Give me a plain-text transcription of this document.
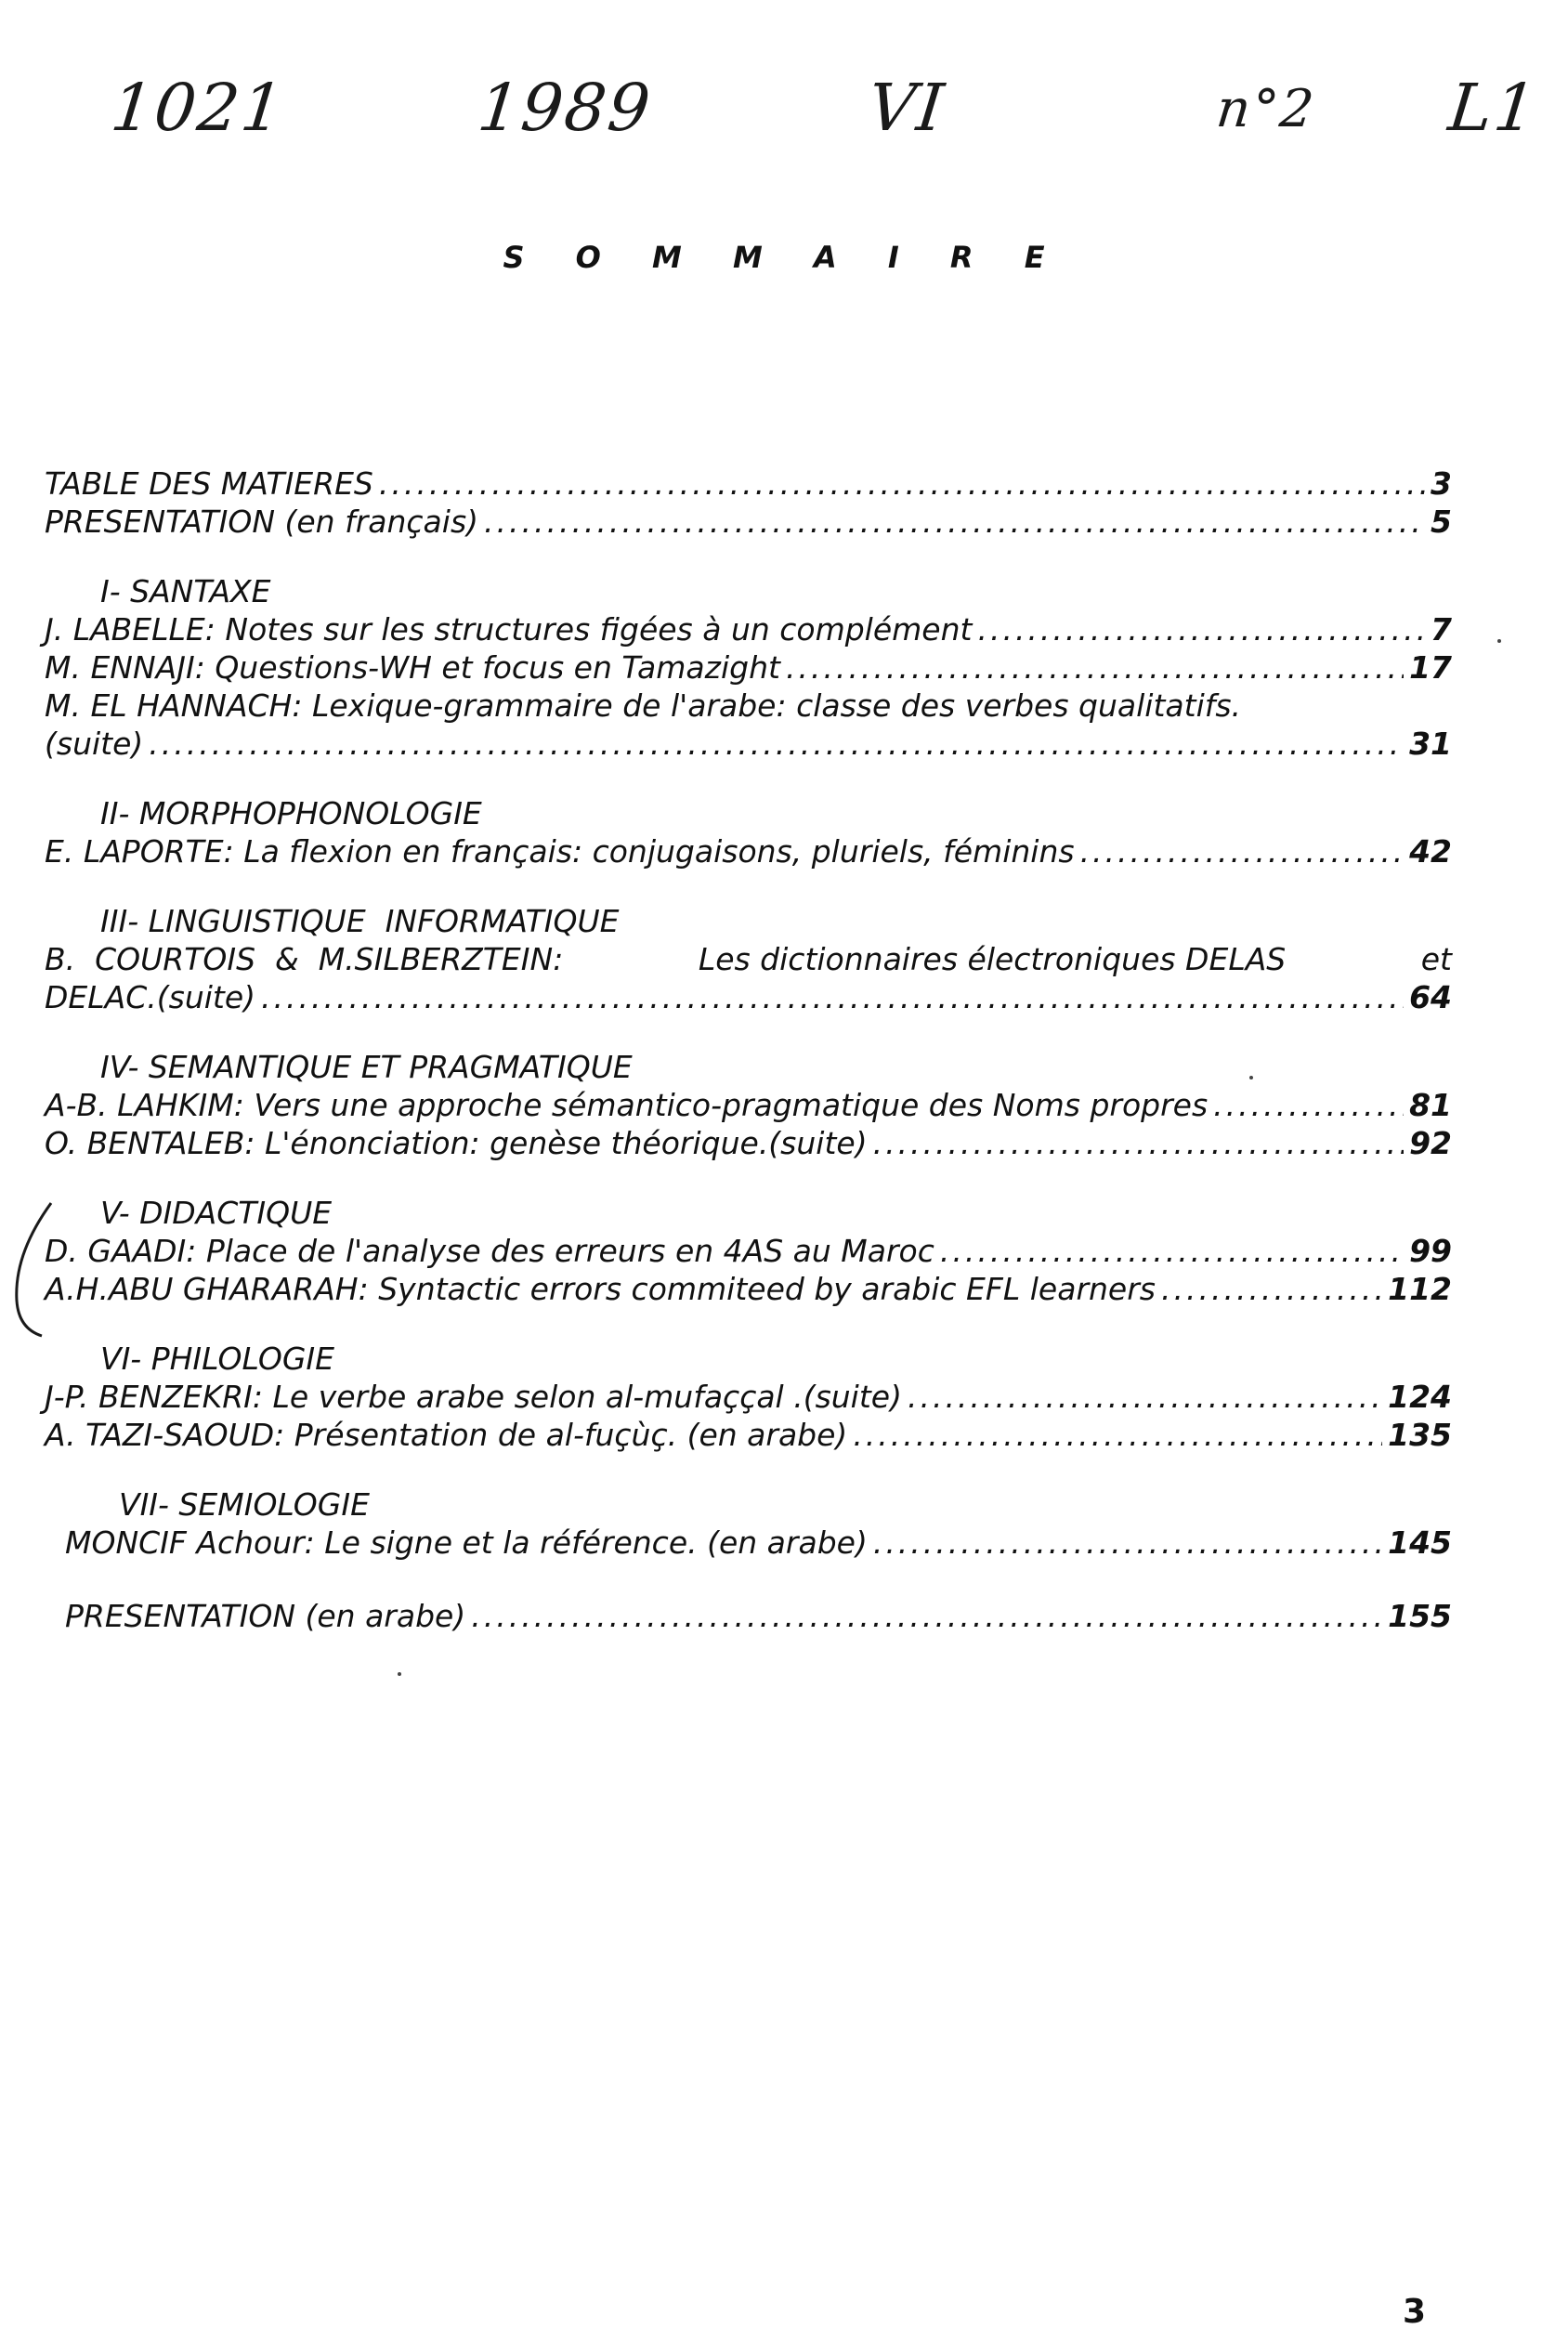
1021	1989	VI	n°2 L1
S O M M A I R E
TABLE DES MATIERES .....	3
PRESENTATION (en français) .....	5
I- SANTAXE
J. LABELLE: Notes sur les structures figées à un complément .....	7
M. ENNAJI: Questions-WH et focus en Tamazight .....	17
M. EL HANNACH: Lexique-grammaire de l'arabe: classe des verbes qualitatifs.
(suite) .....	31
II- MORPHOPHONOLOGIE
E. LAPORTE: La flexion en français: conjugaisons, pluriels, féminins .....	42
III- LINGUISTIQUE  INFORMATIQUE
B.  COURTOIS  &  M.SILBERZTEIN:	Les dictionnaires électroniques DELAS	et
DELAC.(suite) .....	64
IV- SEMANTIQUE ET PRAGMATIQUE
A-B. LAHKIM: Vers une approche sémantico-pragmatique des Noms propres .....	81
O. BENTALEB: L'énonciation: genèse théorique.(suite) .....	92
V- DIDACTIQUE
D. GAADI: Place de l'analyse des erreurs en 4AS au Maroc .....	99
A.H.ABU GHARARAH: Syntactic errors commiteed by arabic EFL learners .....	112
VI- PHILOLOGIE
J-P. BENZEKRI: Le verbe arabe selon al-mufaççal .(suite) .....	124
A. TAZI-SAOUD: Présentation de al-fuçùç. (en arabe) .....	135
VII- SEMIOLOGIE
MONCIF Achour: Le signe et la référence. (en arabe) .....	145
PRESENTATION (en arabe) .....	155
3
